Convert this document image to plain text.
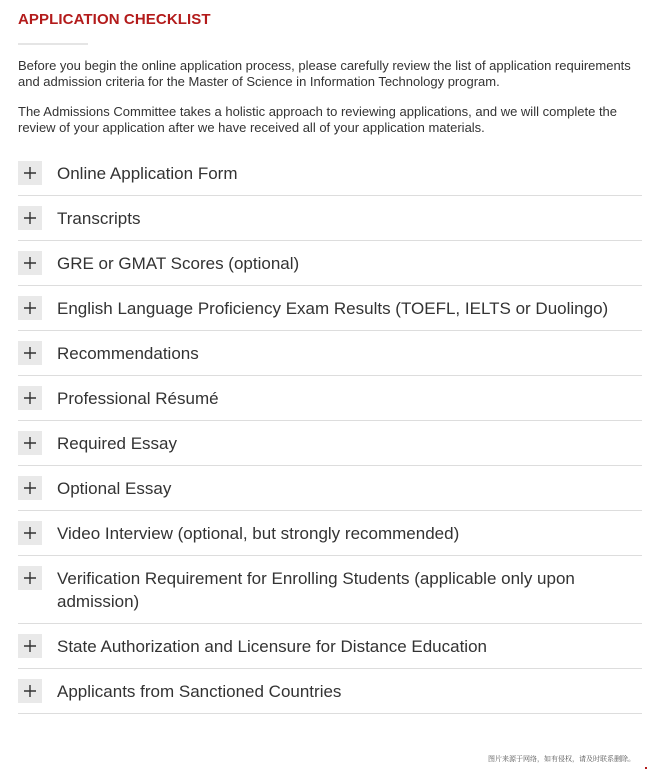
APPLICATION CHECKLIST

Before you begin the online application process, please carefully review the list of application requirements and admission criteria for the Master of Science in Information Technology program.

The Admissions Committee takes a holistic approach to reviewing applications, and we will complete the review of your application after we have received all of your application materials.

Online Application Form
Transcripts
GRE or GMAT Scores (optional)
English Language Proficiency Exam Results (TOEFL, IELTS or Duolingo)
Recommendations
Professional Résumé
Required Essay
Optional Essay
Video Interview (optional, but strongly recommended)
Verification Requirement for Enrolling Students (applicable only upon admission)
State Authorization and Licensure for Distance Education
Applicants from Sanctioned Countries
图片来源于网络，如有侵权，请及时联系删除。
